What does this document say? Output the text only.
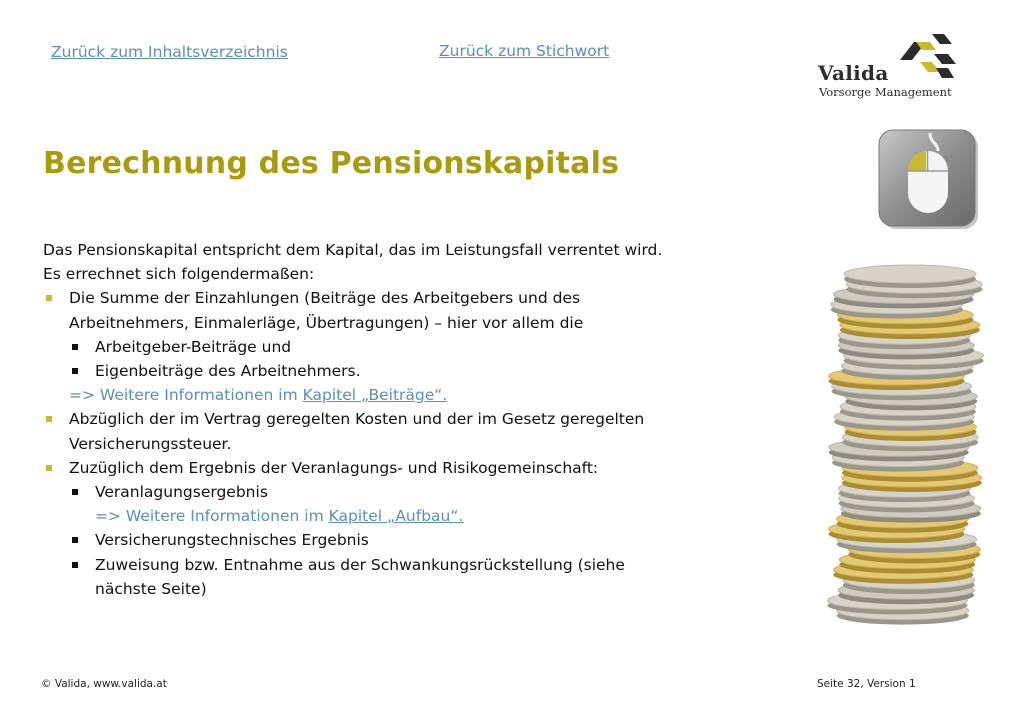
Zurück zum Inhaltsverzeichnis	Zurück zum Stichwort
Valida
Vorsorge Management
Berechnung des Pensionskapitals
Das Pensionskapital entspricht dem Kapital, das im Leistungsfall verrentet wird.
Es errechnet sich folgendermaßen:
Die Summe der Einzahlungen (Beiträge des Arbeitgebers und des
Arbeitnehmers, Einmalerläge, Übertragungen) – hier vor allem die
Arbeitgeber-Beiträge und
Eigenbeiträge des Arbeitnehmers.
=> Weitere Informationen im Kapitel „Beiträge“.
Abzüglich der im Vertrag geregelten Kosten und der im Gesetz geregelten
Versicherungssteuer.
Zuzüglich dem Ergebnis der Veranlagungs- und Risikogemeinschaft:
Veranlagungsergebnis
=> Weitere Informationen im Kapitel „Aufbau“.
Versicherungstechnisches Ergebnis
Zuweisung bzw. Entnahme aus der Schwankungsrückstellung (siehe
nächste Seite)
© Valida, www.valida.at	Seite 32, Version 1
